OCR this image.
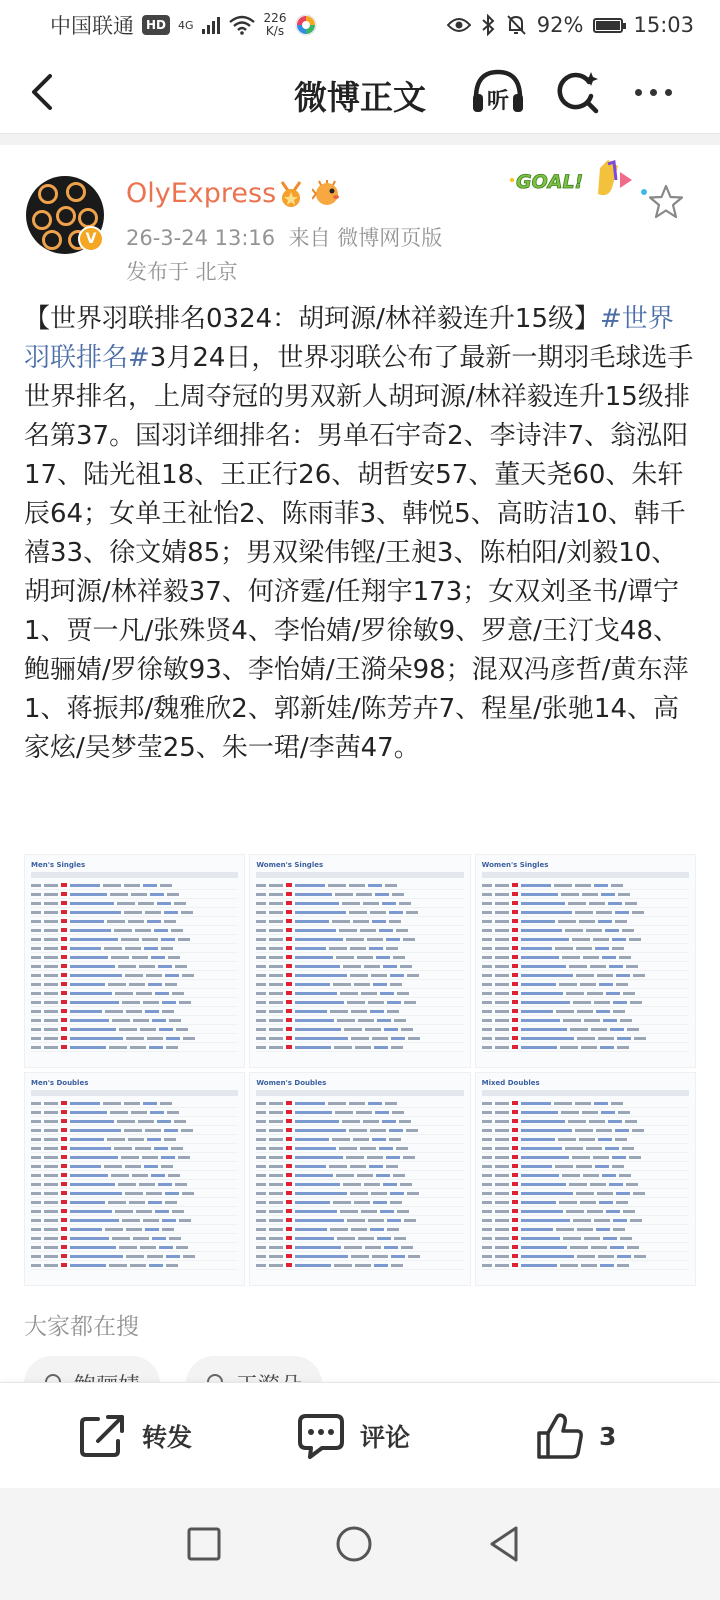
中国联通	HD	4G	226
K/s	92% 15:03
微博正文	听
V
OlyExpress
26-3-24 13:16 来自 微博网页版
发布于 北京
GOAL!
【世界羽联排名0324：胡珂源/林祥毅连升15级】#世界羽联排名#3月24日，世界羽联公布了最新一期羽毛球选手世界排名，上周夺冠的男双新人胡珂源/林祥毅连升15级排名第37。国羽详细排名：男单石宇奇2、李诗沣7、翁泓阳17、陆光祖18、王正行26、胡哲安57、董天尧60、朱轩辰64；女单王祉怡2、陈雨菲3、韩悦5、高昉洁10、韩千禧33、徐文婧85；男双梁伟铿/王昶3、陈柏阳/刘毅10、胡珂源/林祥毅37、何济霆/任翔宇173；女双刘圣书/谭宁1、贾一凡/张殊贤4、李怡婧/罗徐敏9、罗意/王汀戈48、鲍骊婧/罗徐敏93、李怡婧/王漪朵98；混双冯彦哲/黄东萍1、蒋振邦/魏雅欣2、郭新娃/陈芳卉7、程星/张驰14、高家炫/吴梦莹25、朱一珺/李茜47。
Men's Singles	Women's Singles	Women's Singles
Men's Doubles	Women's Doubles	Mixed Doubles
大家都在搜
转发	评论	3
